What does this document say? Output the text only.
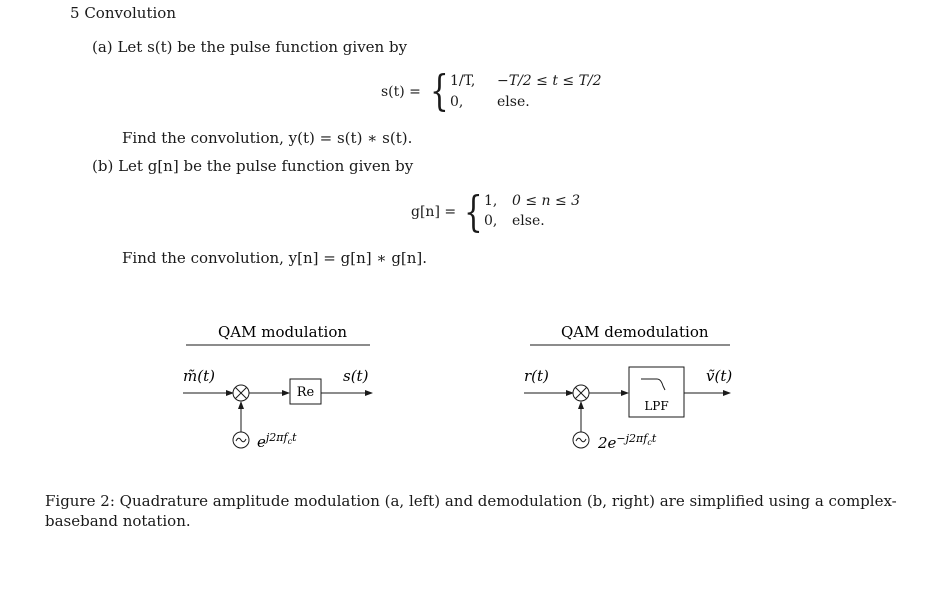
5 Convolution
(a) Let s(t) be the pulse function given by
s(t) = { 1/T, −T/2 ≤ t ≤ T/2
0, else.
Find the convolution, y(t) = s(t) ∗ s(t).
(b) Let g[n] be the pulse function given by
g[n] = { 1, 0 ≤ n ≤ 3
0, else.
Find the convolution, y[n] = g[n] ∗ g[n].
QAM modulation
m̃(t)
Re
s(t)
$e^{j2\pi f}_c^t$
QAM demodulation
r(t)
LPF
ṽ(t)
$2e^{-j2\pi f}_c^t$
Figure 2: Quadrature amplitude modulation (a, left) and demodulation (b, right) are simplified using a complex-
baseband notation.
